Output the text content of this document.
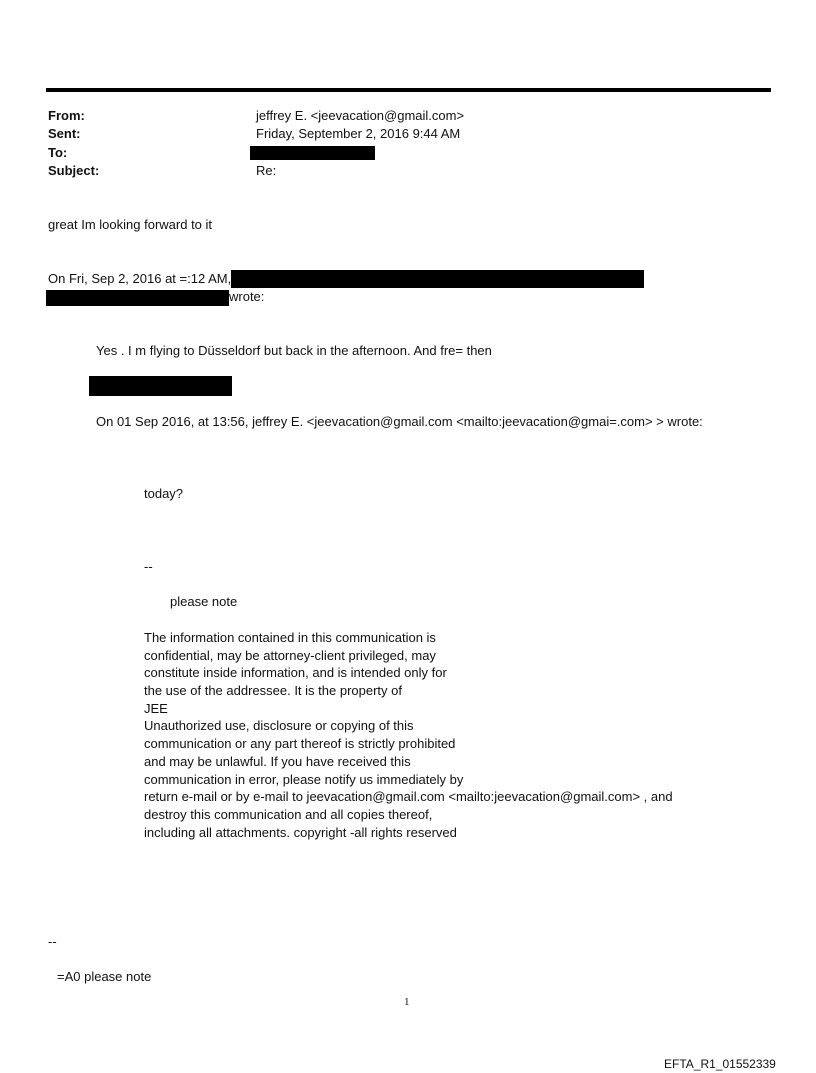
From:	jeffrey E. <jeevacation@gmail.com>
Sent:	Friday, September 2, 2016 9:44 AM
To:
Subject:	Re:
great Im looking forward to it
On Fri, Sep 2, 2016 at =:12 AM,
wrote:
Yes . I m flying to Düsseldorf but back in the afternoon. And fre= then
On 01 Sep 2016, at 13:56, jeffrey E. <jeevacation@gmail.com <mailto:jeevacation@gmai=.com> > wrote:
today?
--
please note
The information contained in this communication is
confidential, may be attorney-client privileged, may
constitute inside information, and is intended only for
the use of the addressee. It is the property of
JEE
Unauthorized use, disclosure or copying of this
communication or any part thereof is strictly prohibited
and may be unlawful. If you have received this
communication in error, please notify us immediately by
return e-mail or by e-mail to jeevacation@gmail.com <mailto:jeevacation@gmail.com> , and
destroy this communication and all copies thereof,
including all attachments. copyright -all rights reserved
--
=A0 please note
1
EFTA_R1_01552339
